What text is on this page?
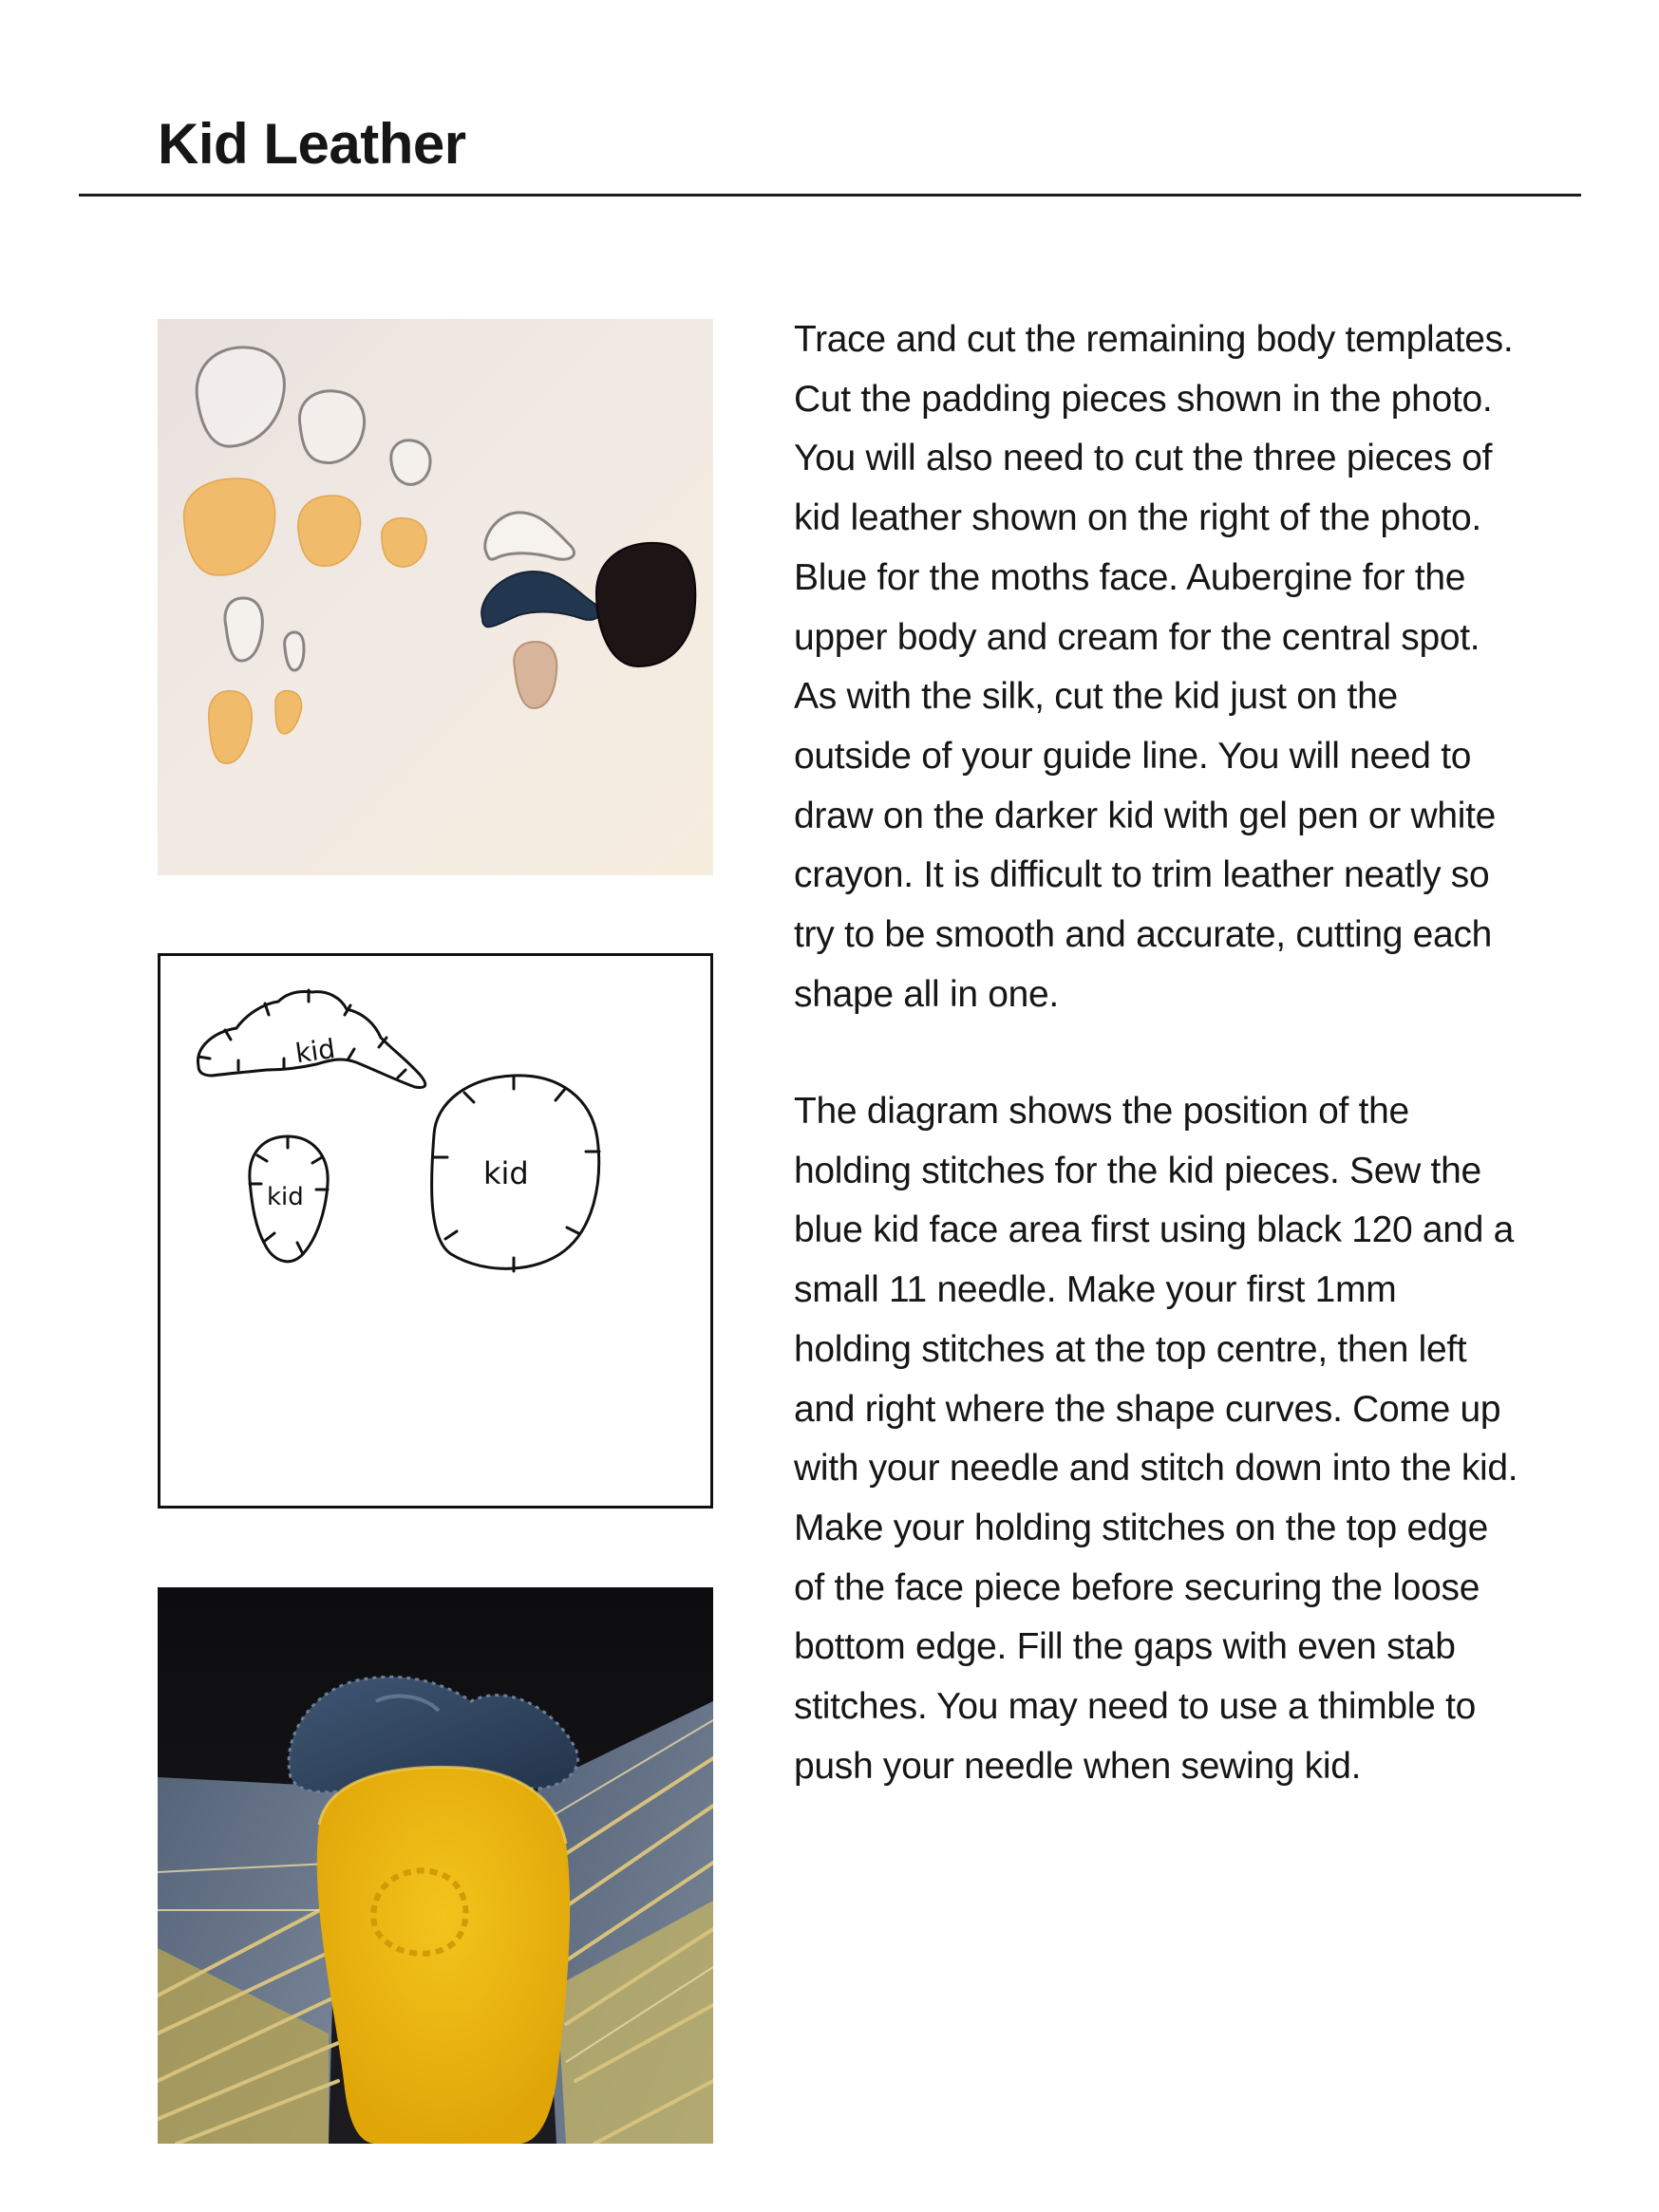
Kid Leather
kid
kid
kid

Trace and cut the remaining body templates.

Cut the padding pieces shown in the photo.

You will also need to cut the three pieces of

kid leather shown on the right of the photo.

Blue for the moths face. Aubergine for the

upper body and cream for the central spot.

As with the silk, cut the kid just on the

outside of your guide line. You will need to

draw on the darker kid with gel pen or white

crayon. It is difficult to trim leather neatly so

try to be smooth and accurate, cutting each

shape all in one.

The diagram shows the position of the

holding stitches for the kid pieces. Sew the

blue kid face area first using black 120 and a

small 11 needle. Make your first 1mm

holding stitches at the top centre, then left

and right where the shape curves. Come up

with your needle and stitch down into the kid.

Make your holding stitches on the top edge

of the face piece before securing the loose

bottom edge. Fill the gaps with even stab

stitches. You may need to use a thimble to

push your needle when sewing kid.
